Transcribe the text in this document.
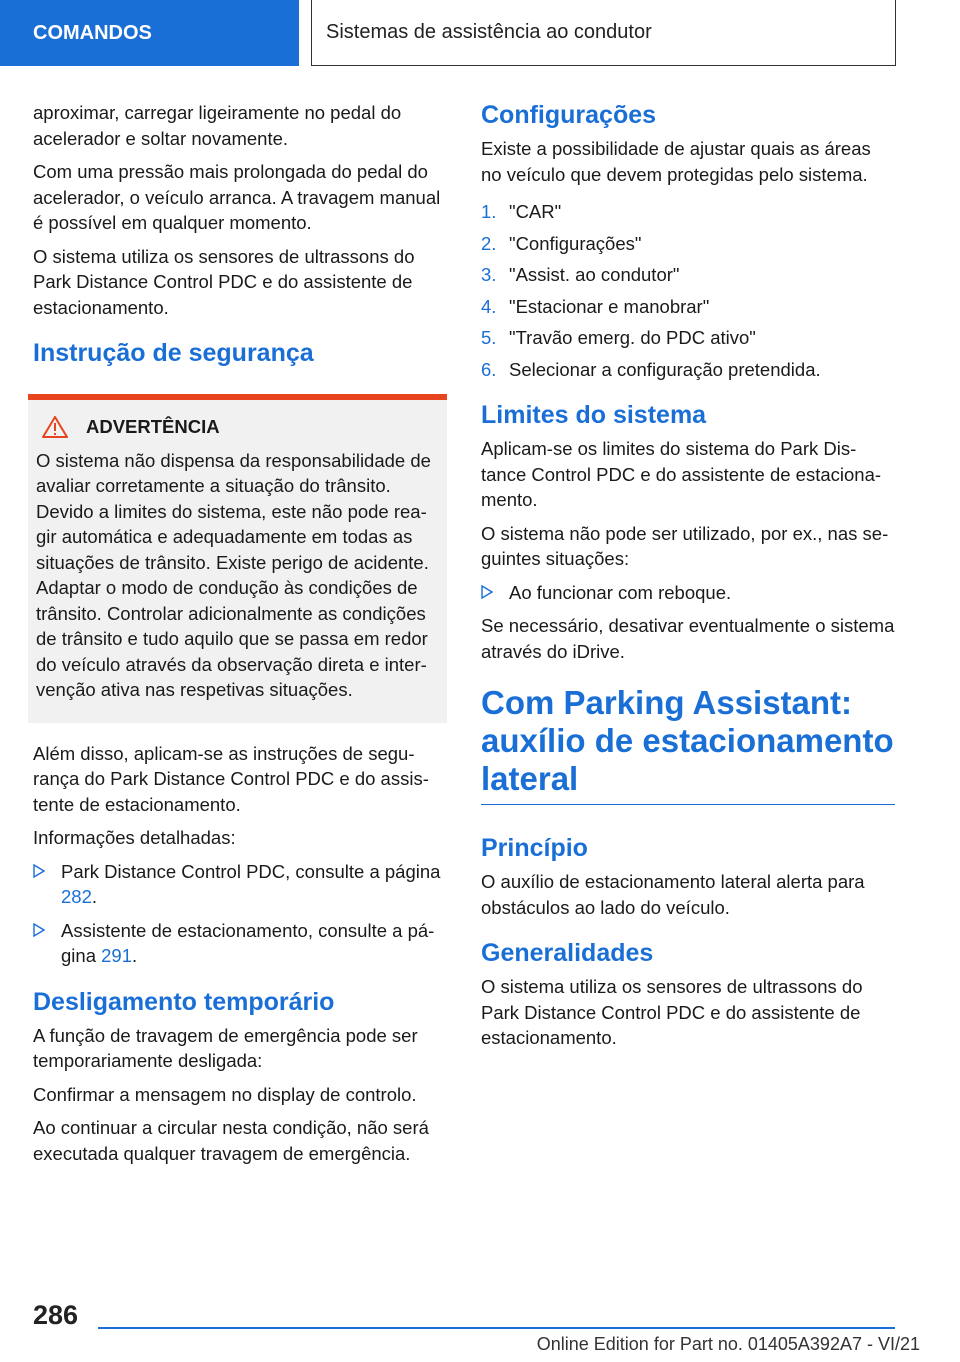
COMANDOS	Sistemas de assistência ao condutor

aproximar, carregar ligeiramente no pedal do acelerador e soltar novamente.

Com uma pressão mais prolongada do pedal do acelerador, o veículo arranca. A travagem manual é possível em qualquer momento.

O sistema utiliza os sensores de ultrassons do Park Distance Control PDC e do assistente de estacionamento.

Instrução de segurança
ADVERTÊNCIA
O sistema não dispensa da responsabilidade de avaliar corretamente a situação do trânsito. Devido a limites do sistema, este não pode reagir automática e adequadamente em todas as situações de trânsito. Existe perigo de acidente. Adaptar o modo de condução às condições de trânsito. Controlar adicionalmente as condições de trânsito e tudo aquilo que se passa em redor do veículo através da observação direta e intervenção ativa nas respetivas situações.

Além disso, aplicam-se as instruções de segurança do Park Distance Control PDC e do assistente de estacionamento.

Informações detalhadas:

Park Distance Control PDC, consulte a página 282.
Assistente de estacionamento, consulte a página 291.
Desligamento temporário

A função de travagem de emergência pode ser temporariamente desligada:

Confirmar a mensagem no display de controlo.

Ao continuar a circular nesta condição, não será executada qualquer travagem de emergência.

Configurações

Existe a possibilidade de ajustar quais as áreas no veículo que devem protegidas pelo sistema.

1. "CAR"
2. "Configurações"
3. "Assist. ao condutor"
4. "Estacionar e manobrar"
5. "Travão emerg. do PDC ativo"
6. Selecionar a configuração pretendida.
Limites do sistema

Aplicam-se os limites do sistema do Park Distance Control PDC e do assistente de estacionamento.

O sistema não pode ser utilizado, por ex., nas seguintes situações:

Ao funcionar com reboque.

Se necessário, desativar eventualmente o sistema através do iDrive.

Com Parking Assistant: auxílio de estacionamento lateral
Princípio

O auxílio de estacionamento lateral alerta para obstáculos ao lado do veículo.

Generalidades

O sistema utiliza os sensores de ultrassons do Park Distance Control PDC e do assistente de estacionamento.

286
Online Edition for Part no. 01405A392A7 - VI/21
